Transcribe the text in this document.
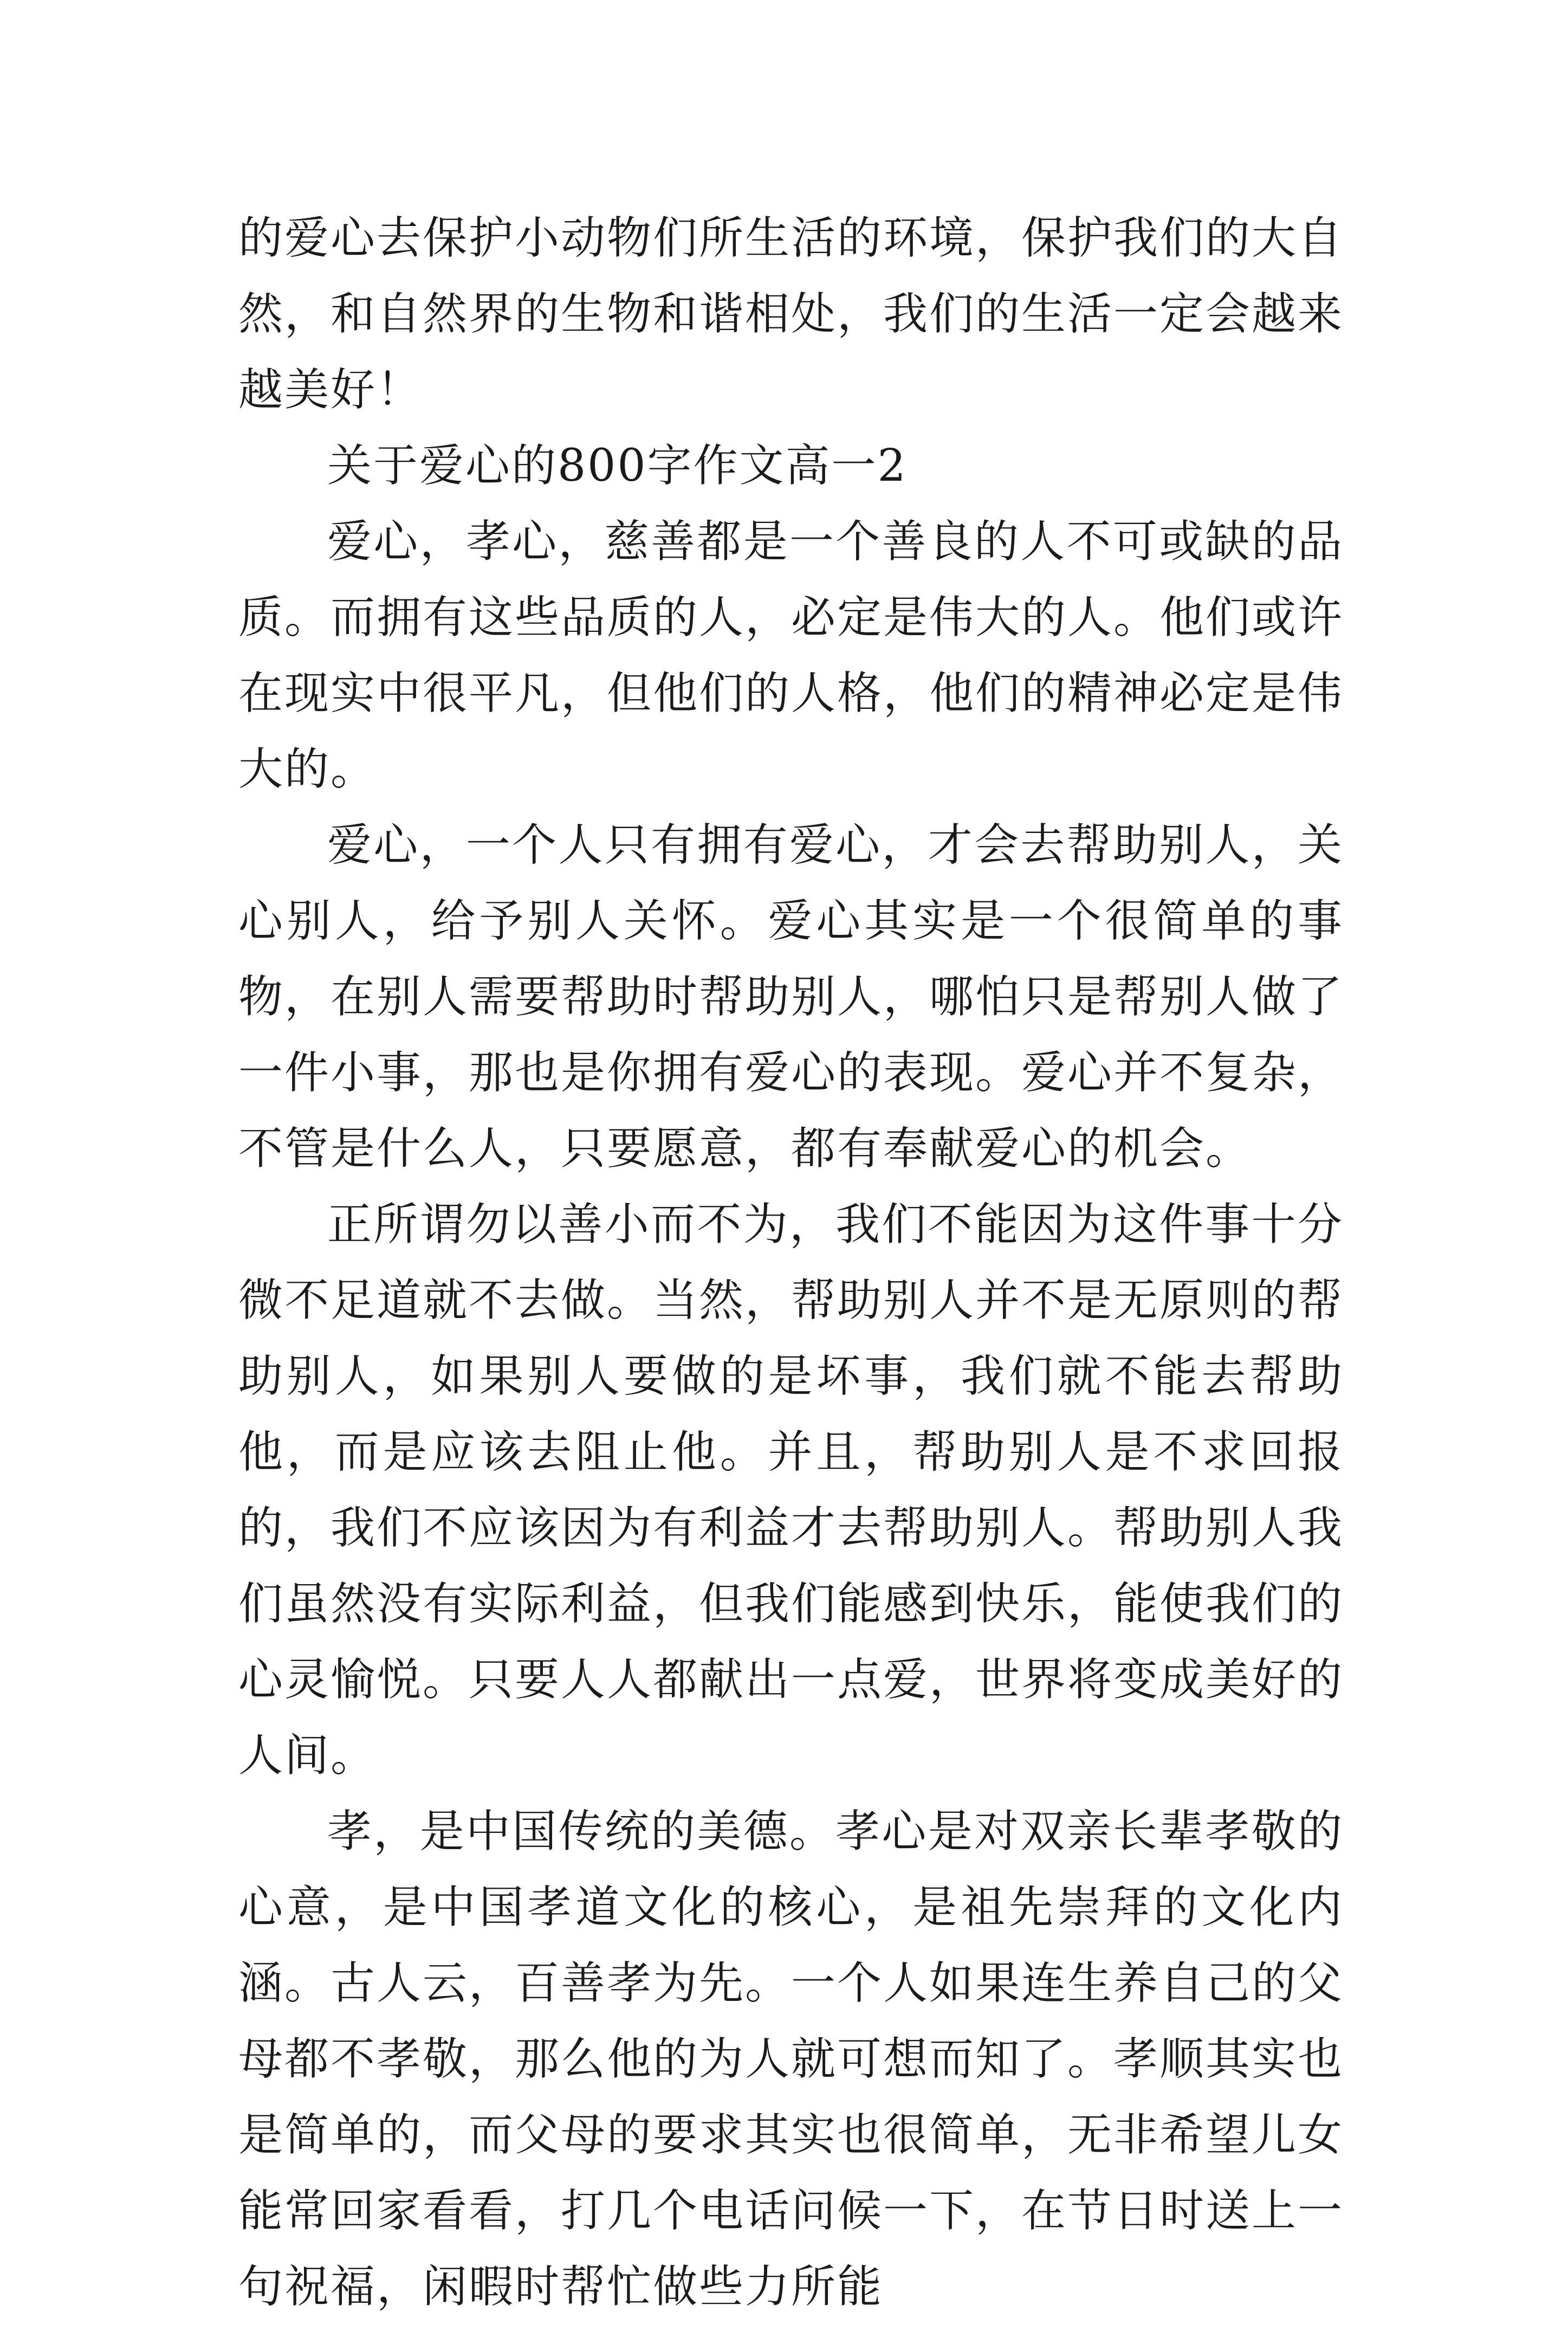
的爱心去保护小动物们所生活的环境，保护我们的大自然，和自然界的生物和谐相处，我们的生活一定会越来越美好！

关于爱心的800字作文高一2

爱心，孝心，慈善都是一个善良的人不可或缺的品质。而拥有这些品质的人，必定是伟大的人。他们或许在现实中很平凡，但他们的人格，他们的精神必定是伟大的。

爱心，一个人只有拥有爱心，才会去帮助别人，关心别人，给予别人关怀。爱心其实是一个很简单的事物，在别人需要帮助时帮助别人，哪怕只是帮别人做了一件小事，那也是你拥有爱心的表现。爱心并不复杂，不管是什么人，只要愿意，都有奉献爱心的机会。

正所谓勿以善小而不为，我们不能因为这件事十分微不足道就不去做。当然，帮助别人并不是无原则的帮助别人，如果别人要做的是坏事，我们就不能去帮助他，而是应该去阻止他。并且，帮助别人是不求回报的，我们不应该因为有利益才去帮助别人。帮助别人我们虽然没有实际利益，但我们能感到快乐，能使我们的心灵愉悦。只要人人都献出一点爱，世界将变成美好的人间。

孝，是中国传统的美德。孝心是对双亲长辈孝敬的心意，是中国孝道文化的核心，是祖先崇拜的文化内涵。古人云，百善孝为先。一个人如果连生养自己的父母都不孝敬，那么他的为人就可想而知了。孝顺其实也是简单的，而父母的要求其实也很简单，无非希望儿女能常回家看看，打几个电话问候一下，在节日时送上一句祝福，闲暇时帮忙做些力所能
